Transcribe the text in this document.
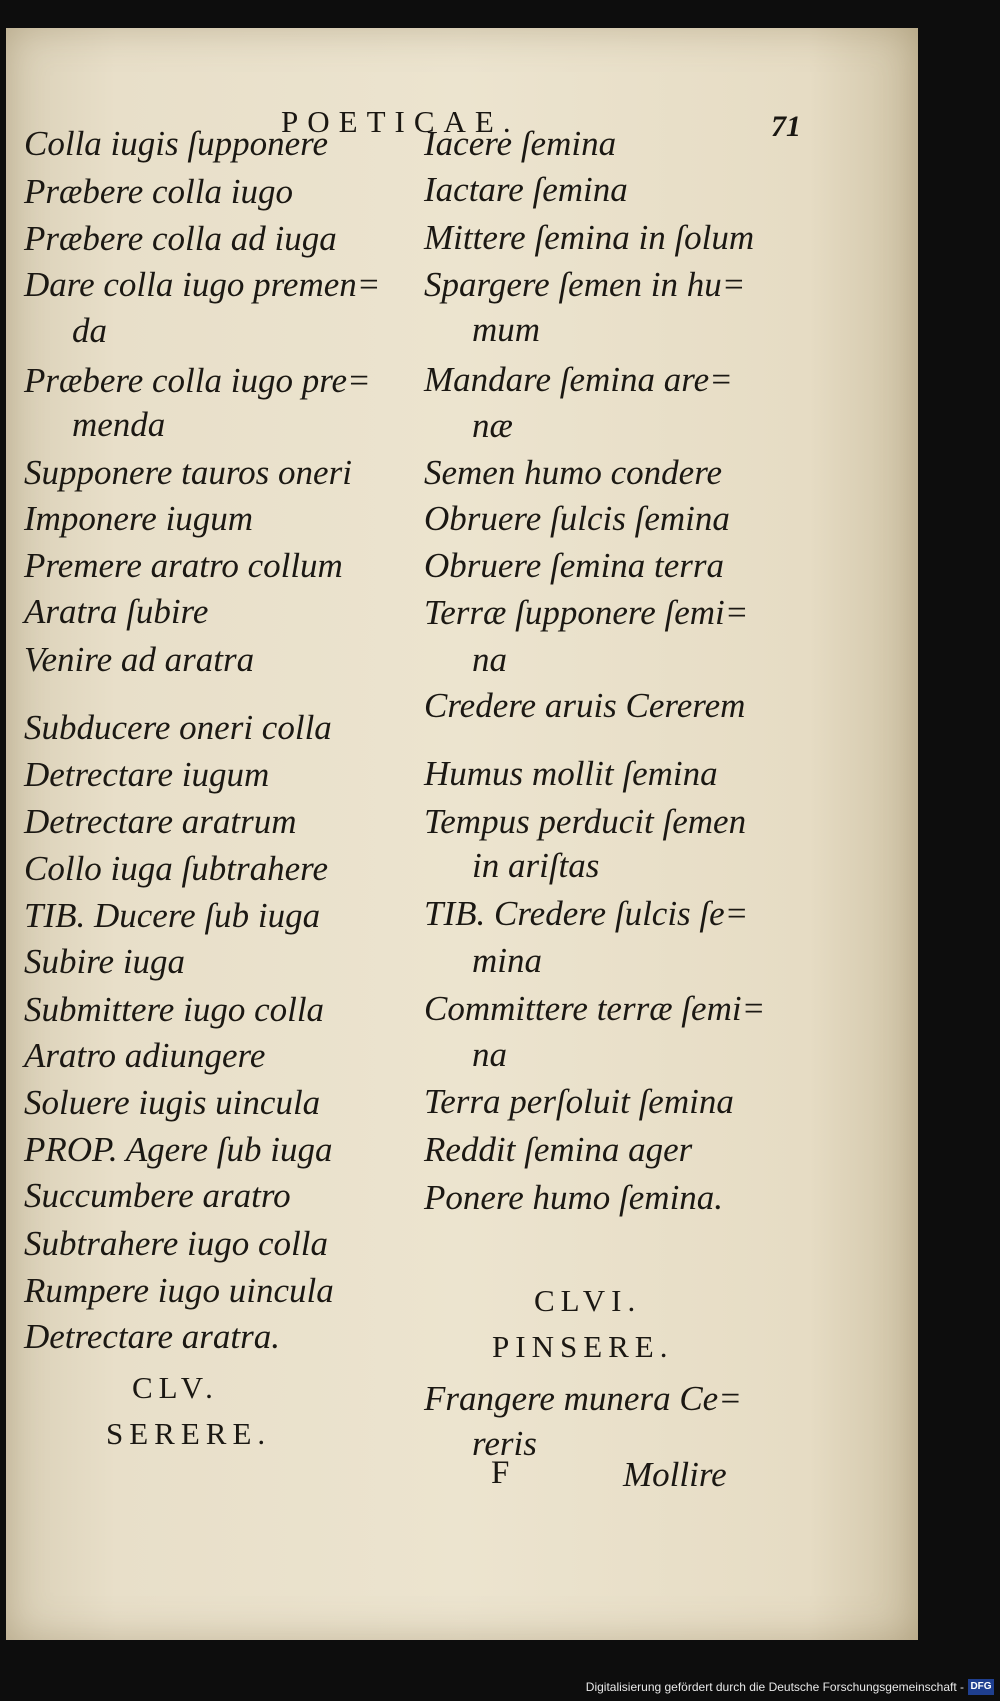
POETICAE.	71
Colla iugis ſupponere
Præbere colla iugo
Præbere colla ad iuga
Dare colla iugo premen=
da
Præbere colla iugo pre=
menda
Supponere tauros oneri
Imponere iugum
Premere aratro collum
Aratra ſubire
Venire ad aratra
Subducere oneri colla
Detrectare iugum
Detrectare aratrum
Collo iuga ſubtrahere
TIB. Ducere ſub iuga
Subire iuga
Submittere iugo colla
Aratro adiungere
Soluere iugis uincula
PROP. Agere ſub iuga
Succumbere aratro
Subtrahere iugo colla
Rumpere iugo uincula
Detrectare aratra.
CLV.
SERERE.
Iacere ſemina
Iactare ſemina
Mittere ſemina in ſolum
Spargere ſemen in hu=
mum
Mandare ſemina are=
næ
Semen humo condere
Obruere ſulcis ſemina
Obruere ſemina terra
Terræ ſupponere ſemi=
na
Credere aruis Cererem
Humus mollit ſemina
Tempus perducit ſemen
in ariſtas
TIB. Credere ſulcis ſe=
mina
Committere terræ ſemi=
na
Terra perſoluit ſemina
Reddit ſemina ager
Ponere humo ſemina.
CLVI.
PINSERE.
Frangere munera Ce=
reris
F	Mollire
Digitalisierung gefördert durch die Deutsche Forschungsgemeinschaft - DFG
